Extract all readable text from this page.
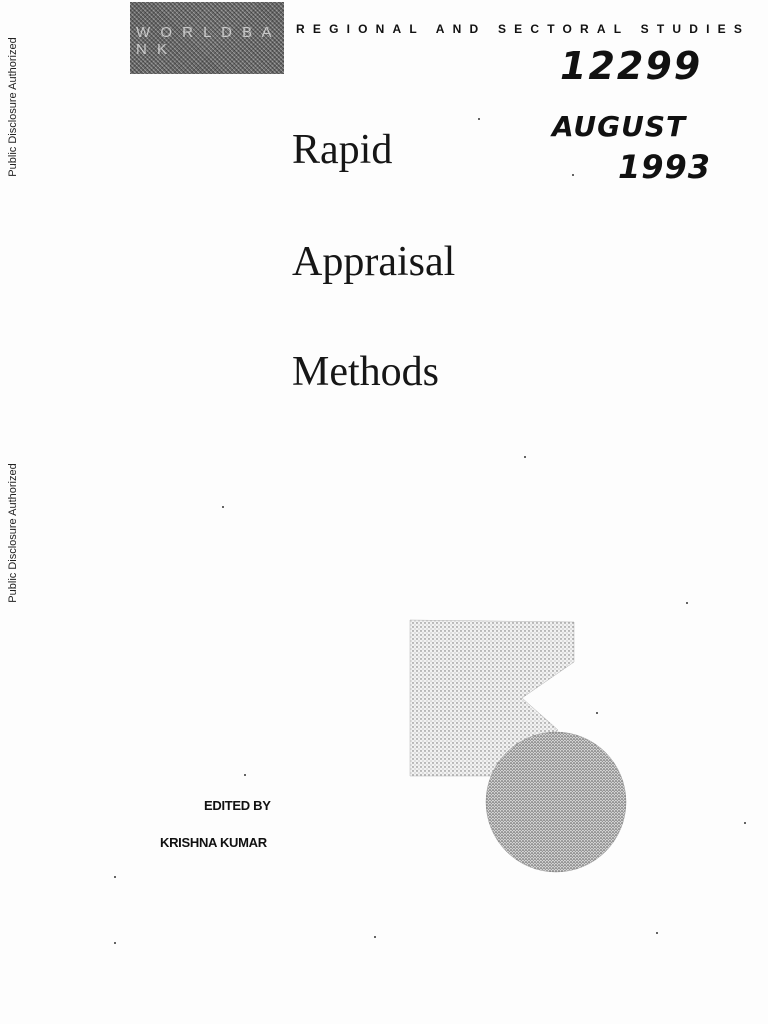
Public Disclosure Authorized
Public Disclosure Authorized
W O R L D B A N K
REGIONAL AND SECTORAL STUDIES
12299
AUGUST
1993
Rapid
Appraisal
Methods
EDITED BY
KRISHNA KUMAR
